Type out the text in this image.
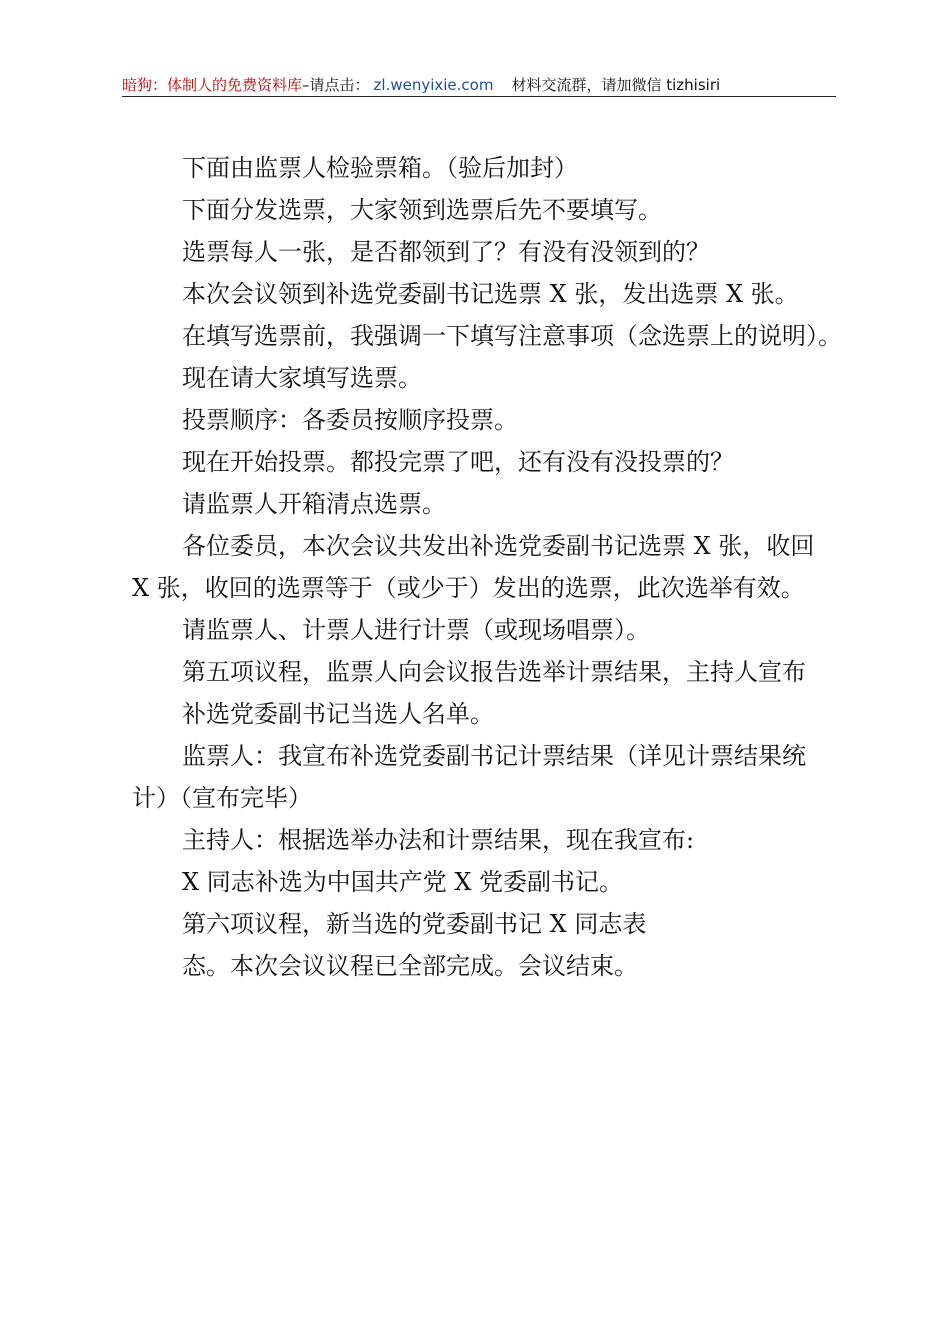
暗狗：体制人的免费资料库–请点击： zl.wenyixie.com 材料交流群，请加微信 tizhisiri

下面由监票人检验票箱。（验后加封）

下面分发选票，大家领到选票后先不要填写。

选票每人一张，是否都领到了？有没有没领到的？

本次会议领到补选党委副书记选票 X 张，发出选票 X 张。

在填写选票前，我强调一下填写注意事项（念选票上的说明）。

现在请大家填写选票。

投票顺序：各委员按顺序投票。

现在开始投票。都投完票了吧，还有没有没投票的？

请监票人开箱清点选票。

各位委员，本次会议共发出补选党委副书记选票 X 张，收回 X 张，收回的选票等于（或少于）发出的选票，此次选举有效。

请监票人、计票人进行计票（或现场唱票）。

第五项议程，监票人向会议报告选举计票结果，主持人宣布

补选党委副书记当选人名单。

监票人：我宣布补选党委副书记计票结果（详见计票结果统计）（宣布完毕）

主持人：根据选举办法和计票结果，现在我宣布:

X 同志补选为中国共产党 X 党委副书记。

第六项议程，新当选的党委副书记 X 同志表

态。本次会议议程已全部完成。会议结束。
